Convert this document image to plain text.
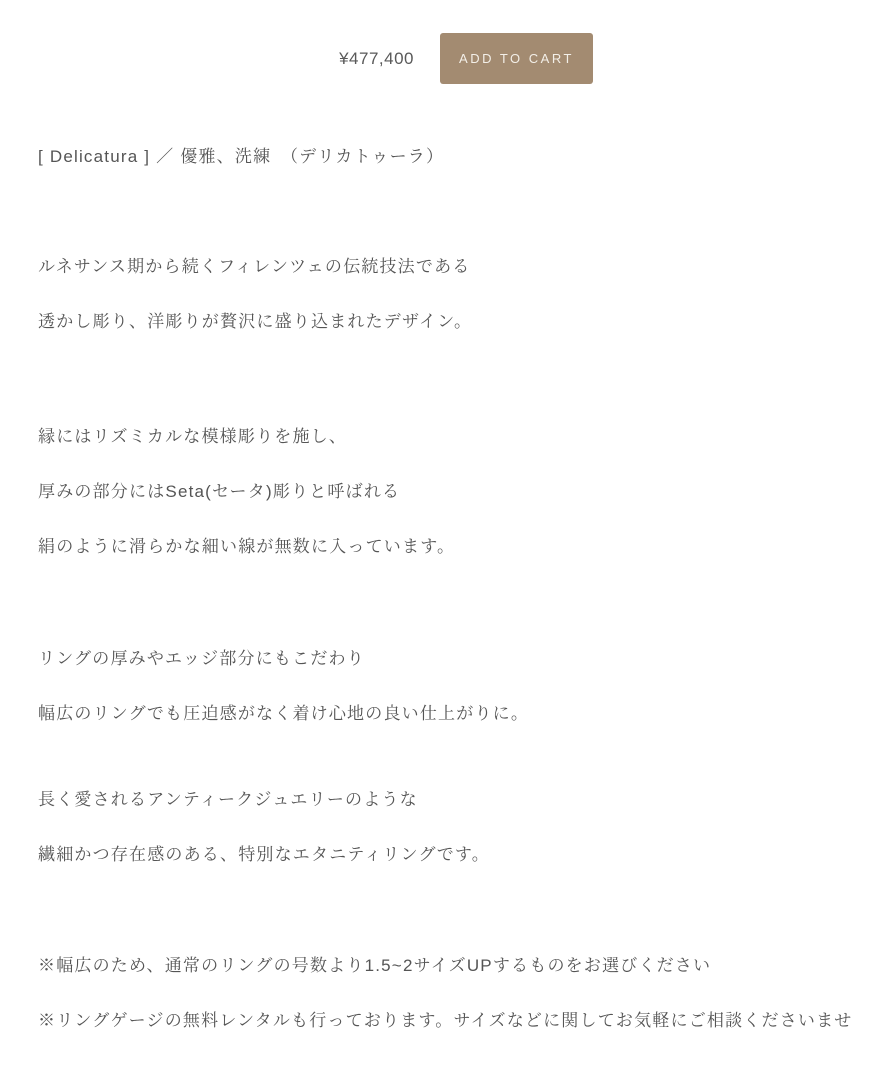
¥477,400	ADD TO CART

[ Delicatura ] ／ 優雅、洗練　（デリカトゥーラ）

ルネサンス期から続くフィレンツェの伝統技法である

透かし彫り、洋彫りが贅沢に盛り込まれたデザイン。

縁にはリズミカルな模様彫りを施し、

厚みの部分にはSeta(セータ)彫りと呼ばれる

絹のように滑らかな細い線が無数に入っています。

リングの厚みやエッジ部分にもこだわり

幅広のリングでも圧迫感がなく着け心地の良い仕上がりに。

長く愛されるアンティークジュエリーのような

繊細かつ存在感のある、特別なエタニティリングです。

※幅広のため、通常のリングの号数より1.5~2サイズUPするものをお選びください

※リングゲージの無料レンタルも行っております。サイズなどに関してお気軽にご相談くださいませ
